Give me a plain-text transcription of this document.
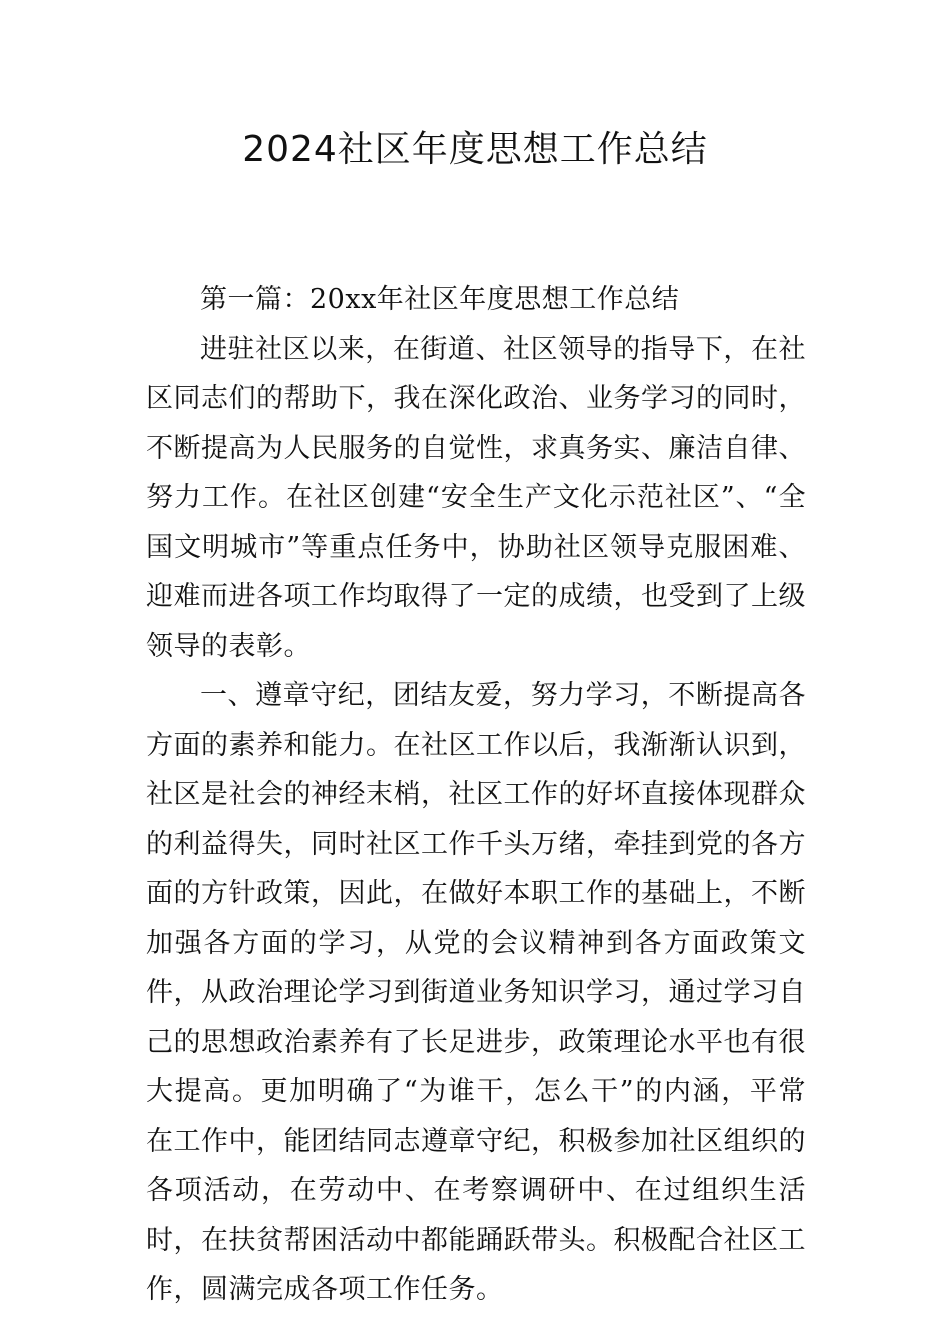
2024社区年度思想工作总结

第一篇：20xx年社区年度思想工作总结

进驻社区以来，在街道、社区领导的指导下，在社区同志们的帮助下，我在深化政治、业务学习的同时，不断提高为人民服务的自觉性，求真务实、廉洁自律、努力工作。在社区创建“安全生产文化示范社区”、“全国文明城市”等重点任务中，协助社区领导克服困难、迎难而进各项工作均取得了一定的成绩，也受到了上级领导的表彰。

一、遵章守纪，团结友爱，努力学习，不断提高各方面的素养和能力。在社区工作以后，我渐渐认识到，社区是社会的神经末梢，社区工作的好坏直接体现群众的利益得失，同时社区工作千头万绪，牵挂到党的各方面的方针政策，因此，在做好本职工作的基础上，不断加强各方面的学习，从党的会议精神到各方面政策文件，从政治理论学习到街道业务知识学习，通过学习自己的思想政治素养有了长足进步，政策理论水平也有很大提高。更加明确了“为谁干，怎么干”的内涵，平常在工作中，能团结同志遵章守纪，积极参加社区组织的各项活动，在劳动中、在考察调研中、在过组织生活时，在扶贫帮困活动中都能踊跃带头。积极配合社区工作，圆满完成各项工作任务。
